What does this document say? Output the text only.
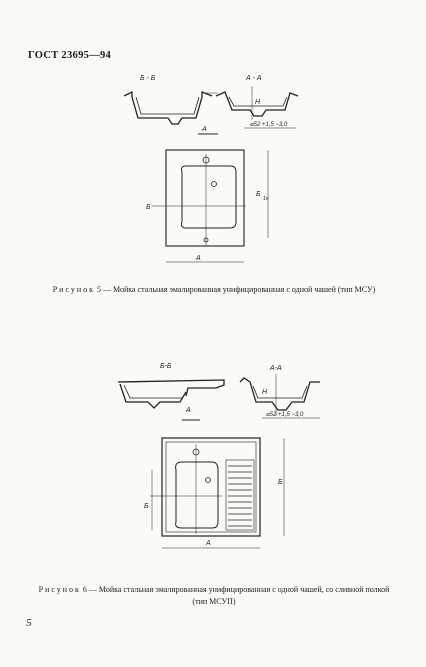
ГОСТ 23695—94
Б - Б	А - А
Н
⌀52 +1,5 −3,0
А
Б
Б
1п
А
Рисунок 5 — Мойка стальная эмалированная унифицированная с одной чашей (тип МСУ)
Б-Б	А-А
Н
⌀52 +1,5 −3,0
А
Б
Б
А
Рисунок 6 — Мойка стальная эмалированная унифицированная с одной чашей, со сливной полкой (тип МСУП)
5
